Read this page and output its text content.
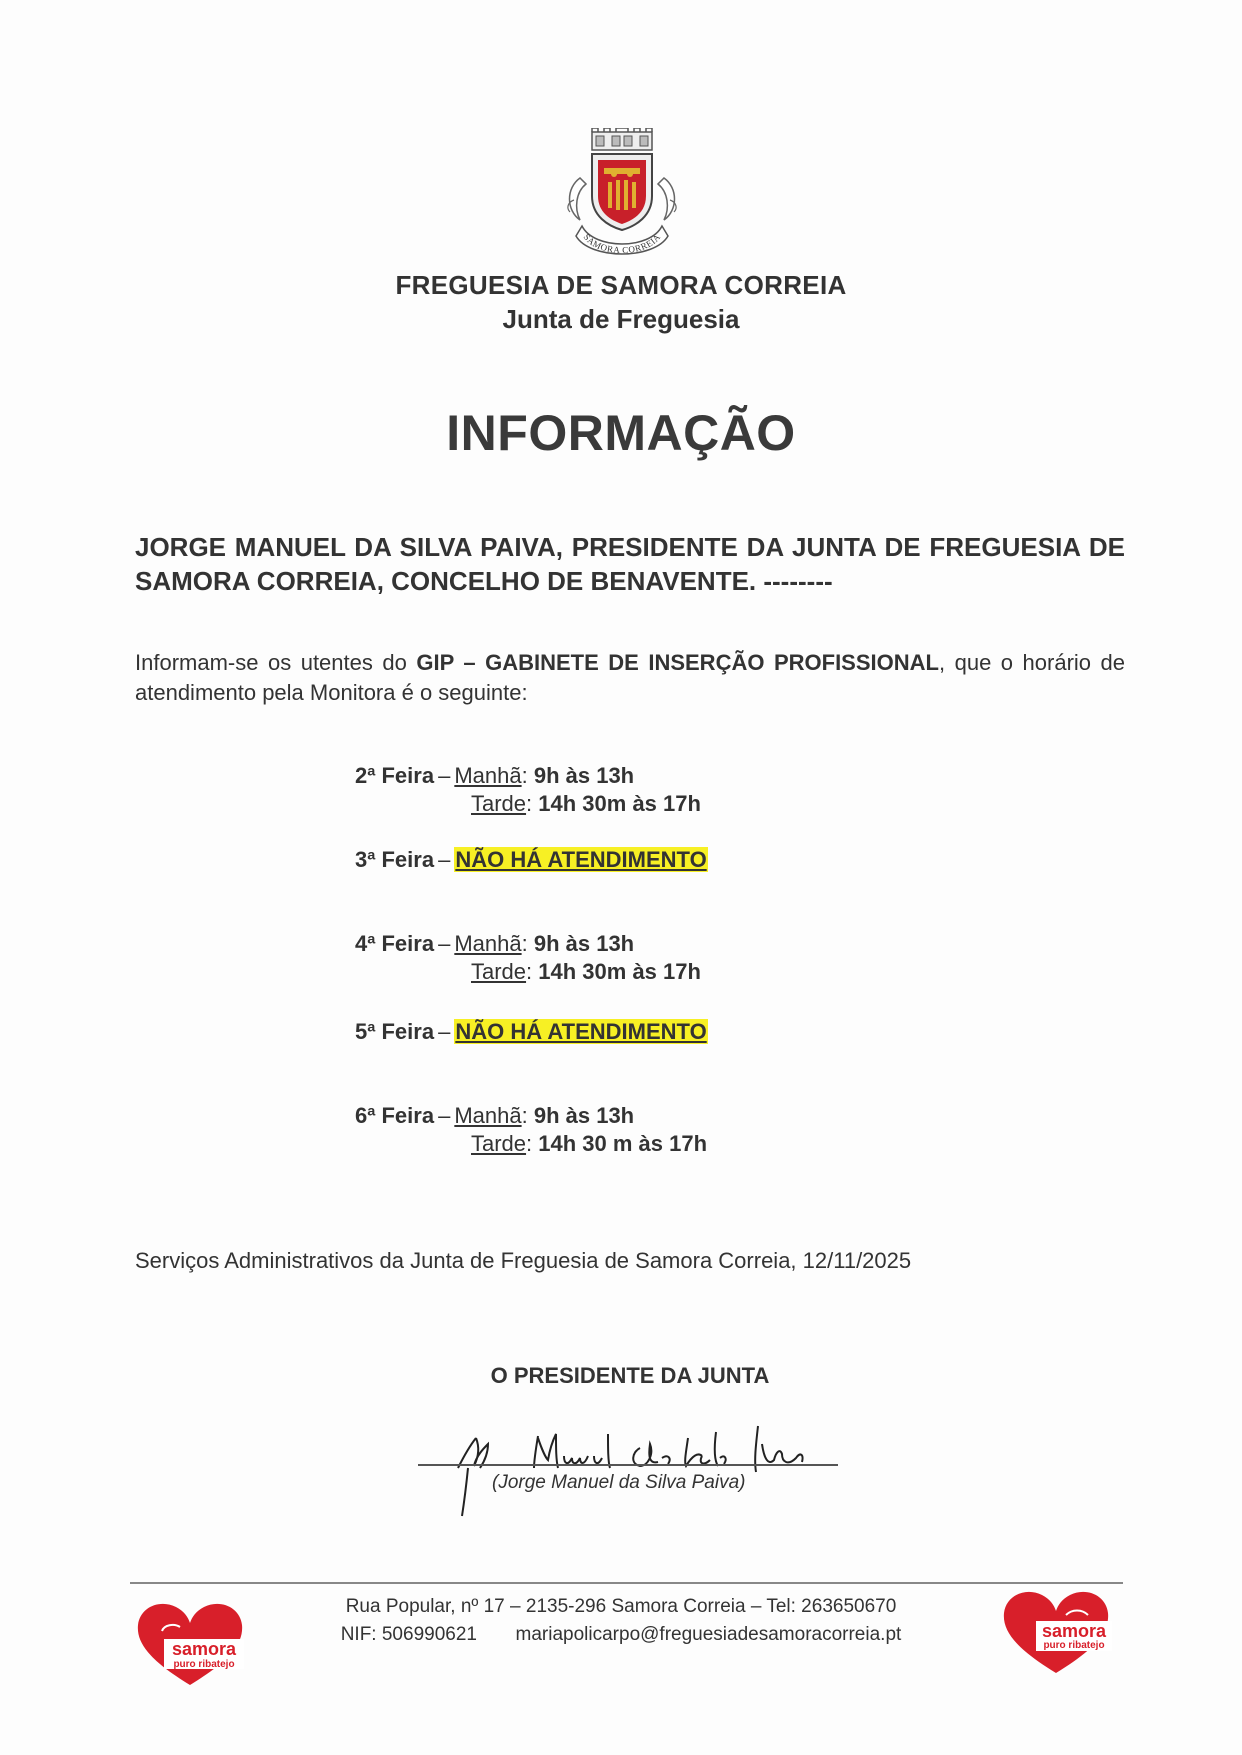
SAMORA CORREIA
FREGUESIA DE SAMORA CORREIA
Junta de Freguesia
INFORMAÇÃO
JORGE MANUEL DA SILVA PAIVA, PRESIDENTE DA JUNTA DE FREGUESIA DE SAMORA CORREIA, CONCELHO DE BENAVENTE. --------
Informam-se os utentes do GIP – GABINETE DE INSERÇÃO PROFISSIONAL, que o horário de atendimento pela Monitora é o seguinte:
2ª Feira – Manhã: 9h às 13h
Tarde: 14h 30m às 17h
3ª Feira – NÃO HÁ ATENDIMENTO
4ª Feira – Manhã: 9h às 13h
Tarde: 14h 30m às 17h
5ª Feira – NÃO HÁ ATENDIMENTO
6ª Feira – Manhã: 9h às 13h
Tarde: 14h 30 m às 17h
Serviços Administrativos da Junta de Freguesia de Samora Correia, 12/11/2025
O PRESIDENTE DA JUNTA
(Jorge Manuel da Silva Paiva)
Rua Popular, nº 17 – 2135-296 Samora Correia – Tel: 263650670
NIF: 506990621 mariapolicarpo@freguesiadesamoracorreia.pt
samora
puro ribatejo
samora
puro ribatejo
